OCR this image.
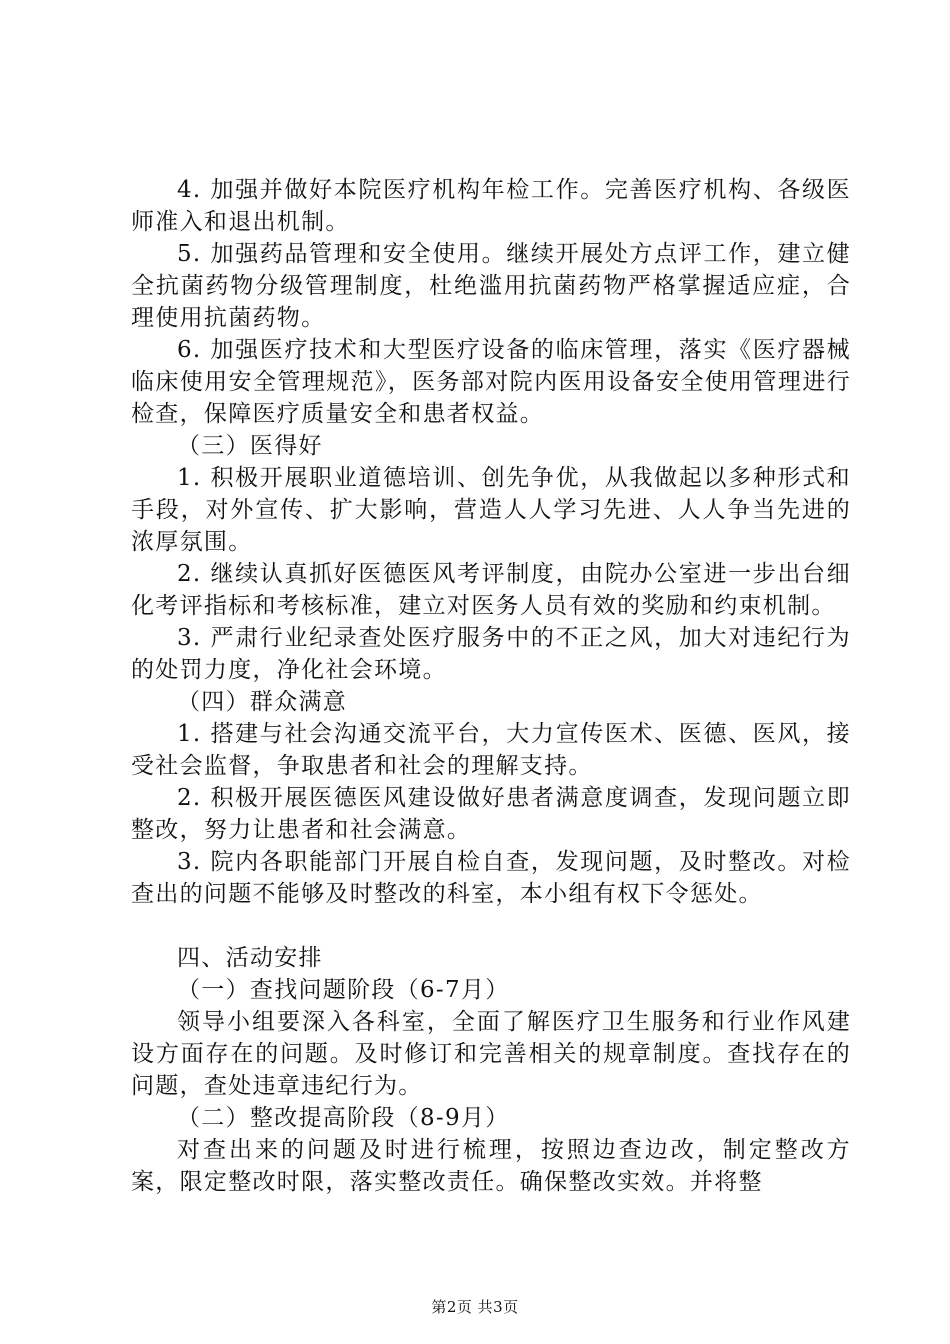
4. 加强并做好本院医疗机构年检工作。完善医疗机构、各级医师准入和退出机制。

5. 加强药品管理和安全使用。继续开展处方点评工作，建立健全抗菌药物分级管理制度，杜绝滥用抗菌药物严格掌握适应症，合理使用抗菌药物。

6. 加强医疗技术和大型医疗设备的临床管理，落实《医疗器械临床使用安全管理规范》，医务部对院内医用设备安全使用管理进行检查，保障医疗质量安全和患者权益。

（三）医得好

1. 积极开展职业道德培训、创先争优，从我做起以多种形式和手段，对外宣传、扩大影响，营造人人学习先进、人人争当先进的浓厚氛围。

2. 继续认真抓好医德医风考评制度，由院办公室进一步出台细化考评指标和考核标准，建立对医务人员有效的奖励和约束机制。

3. 严肃行业纪录查处医疗服务中的不正之风，加大对违纪行为的处罚力度，净化社会环境。

（四）群众满意

1. 搭建与社会沟通交流平台，大力宣传医术、医德、医风，接受社会监督，争取患者和社会的理解支持。

2. 积极开展医德医风建设做好患者满意度调查，发现问题立即整改，努力让患者和社会满意。

3. 院内各职能部门开展自检自查，发现问题，及时整改。对检查出的问题不能够及时整改的科室，本小组有权下令惩处。

四、活动安排

（一）查找问题阶段（6-7月）

领导小组要深入各科室，全面了解医疗卫生服务和行业作风建设方面存在的问题。及时修订和完善相关的规章制度。查找存在的问题，查处违章违纪行为。

（二）整改提高阶段（8-9月）

对查出来的问题及时进行梳理，按照边查边改，制定整改方案，限定整改时限，落实整改责任。确保整改实效。并将整

第2页 共3页
